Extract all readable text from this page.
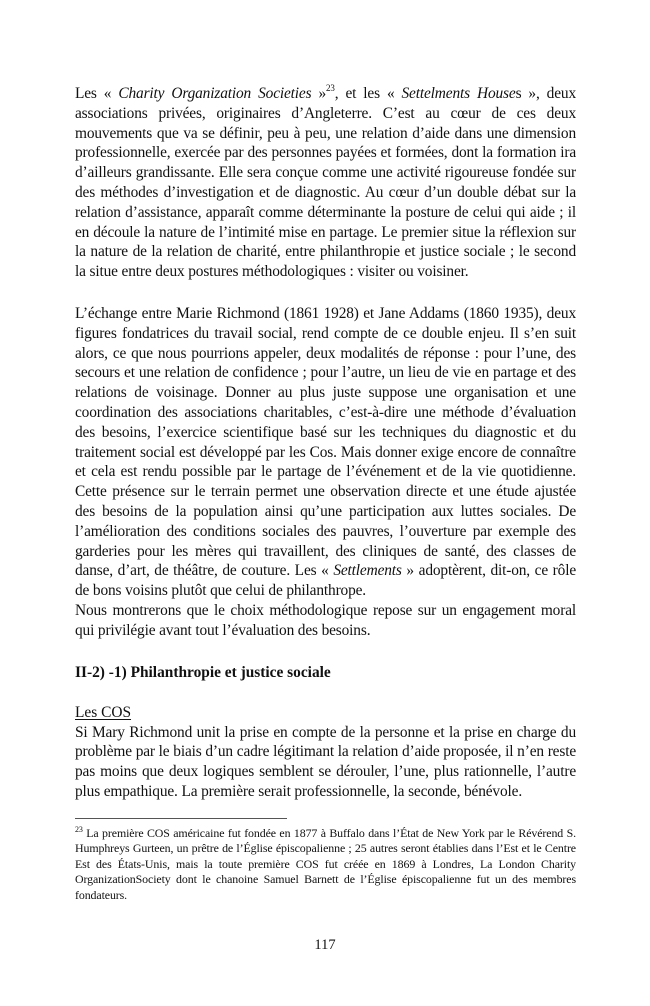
Les « Charity Organization Societies »$^{23}$, et les « Settelments Houses », deux associations privées, originaires d’Angleterre. C’est au cœur de ces deux mouvements que va se définir, peu à peu, une relation d’aide dans une dimension professionnelle, exercée par des personnes payées et formées, dont la formation ira d’ailleurs grandissante. Elle sera conçue comme une activité rigoureuse fondée sur des méthodes d’investigation et de diagnostic. Au cœur d’un double débat sur la relation d’assistance, apparaît comme déterminante la posture de celui qui aide ; il en découle la nature de l’intimité mise en partage. Le premier situe la réflexion sur la nature de la relation de charité, entre philanthropie et justice sociale ; le second la situe entre deux postures méthodologiques : visiter ou voisiner.

L’échange entre Marie Richmond (1861 1928) et Jane Addams (1860 1935), deux figures fondatrices du travail social, rend compte de ce double enjeu. Il s’en suit alors, ce que nous pourrions appeler, deux modalités de réponse : pour l’une, des secours et une relation de confidence ; pour l’autre, un lieu de vie en partage et des relations de voisinage. Donner au plus juste suppose une organisation et une coordination des associations charitables, c’est-à-dire une méthode d’évaluation des besoins, l’exercice scientifique basé sur les techniques du diagnostic et du traitement social est développé par les Cos. Mais donner exige encore de connaître et cela est rendu possible par le partage de l’événement et de la vie quotidienne. Cette présence sur le terrain permet une observation directe et une étude ajustée des besoins de la population ainsi qu’une participation aux luttes sociales. De l’amélioration des conditions sociales des pauvres, l’ouverture par exemple des garderies pour les mères qui travaillent, des cliniques de santé, des classes de danse, d’art, de théâtre, de couture. Les « Settlements » adoptèrent, dit-on, ce rôle de bons voisins plutôt que celui de philanthrope.

Nous montrerons que le choix méthodologique repose sur un engagement moral qui privilégie avant tout l’évaluation des besoins.

II-2) -1) Philanthropie et justice sociale
Les COS

Si Mary Richmond unit la prise en compte de la personne et la prise en charge du problème par le biais d’un cadre légitimant la relation d’aide proposée, il n’en reste pas moins que deux logiques semblent se dérouler, l’une, plus rationnelle, l’autre plus empathique. La première serait professionnelle, la seconde, bénévole.

$^{23}$ La première COS américaine fut fondée en 1877 à Buffalo dans l’État de New York par le Révérend S. Humphreys Gurteen, un prêtre de l’Église épiscopalienne ; 25 autres seront établies dans l’Est et le Centre Est des États-Unis, mais la toute première COS fut créée en 1869 à Londres, La London Charity OrganizationSociety dont le chanoine Samuel Barnett de l’Église épiscopalienne fut un des membres fondateurs.

117
